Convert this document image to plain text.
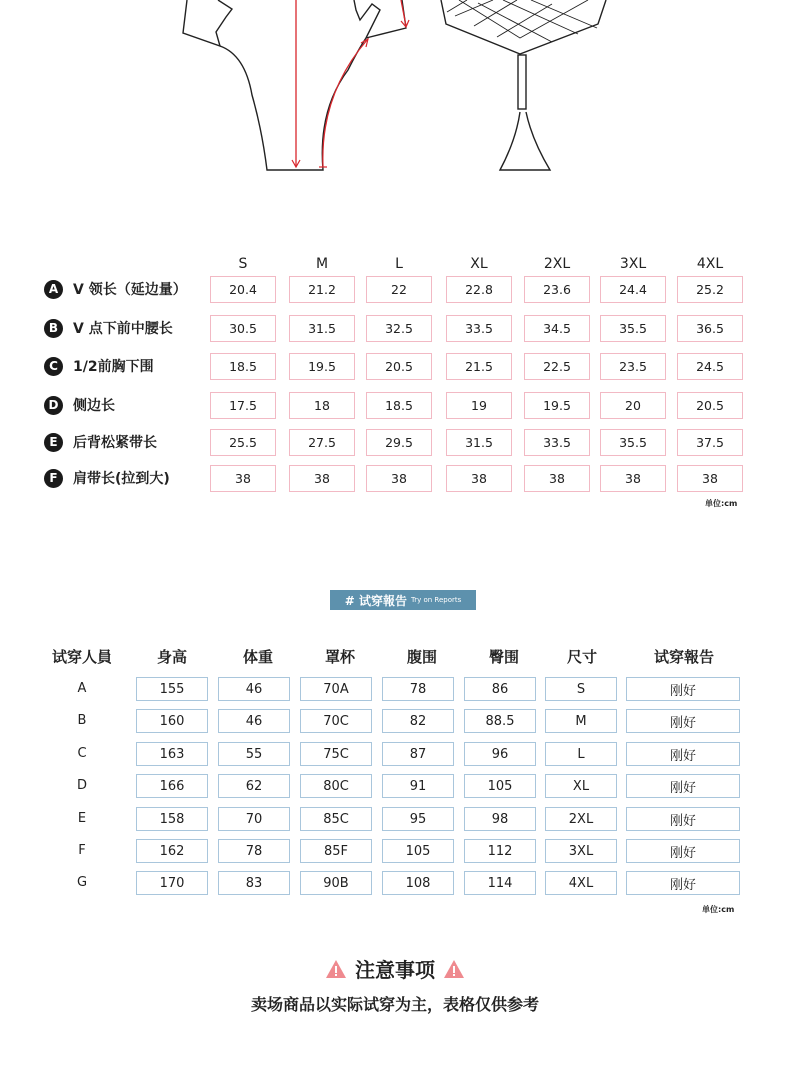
S	M	L	XL	2XL	3XL	4XL
A	V 领长（延边量）	20.4	21.2	22	22.8	23.6	24.4	25.2
B	V 点下前中腰长	30.5	31.5	32.5	33.5	34.5	35.5	36.5
C	1/2前胸下围	18.5	19.5	20.5	21.5	22.5	23.5	24.5
D	侧边长	17.5	18	18.5	19	19.5	20	20.5
E	后背松紧带长	25.5	27.5	29.5	31.5	33.5	35.5	37.5
F	肩带长(拉到大)	38	38	38	38	38	38	38
单位:cm
# 试穿報告 Try on Reports
试穿人員	身高	体重	罩杯	腹围	臀围	尺寸	试穿報告
A	155	46	70A	78	86	S	刚好
B	160	46	70C	82	88.5	M	刚好
C	163	55	75C	87	96	L	刚好
D	166	62	80C	91	105	XL	刚好
E	158	70	85C	95	98	2XL	刚好
F	162	78	85F	105	112	3XL	刚好
G	170	83	90B	108	114	4XL	刚好
单位:cm
注意事项
卖场商品以实际试穿为主，表格仅供参考
